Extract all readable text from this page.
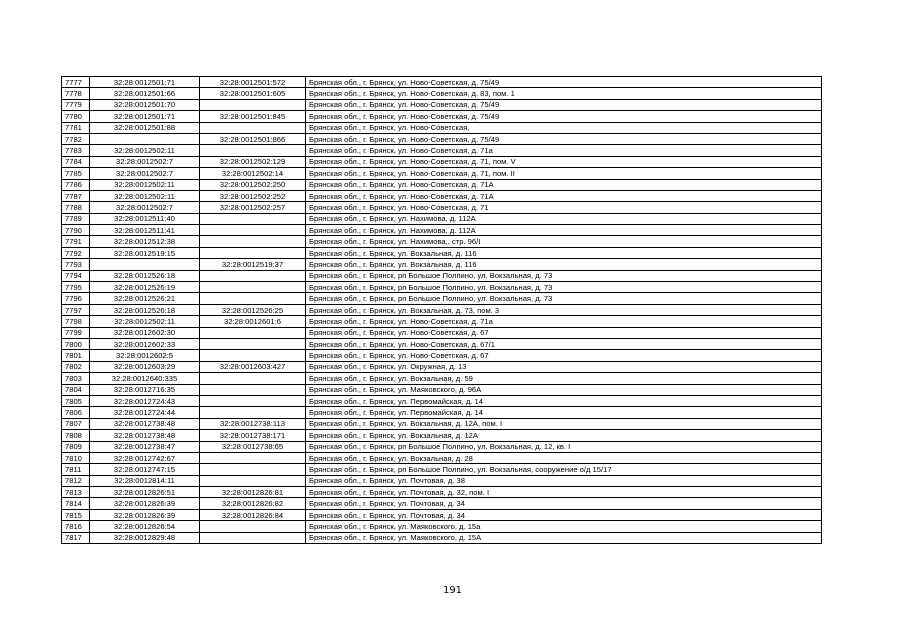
7777	32:28:0012501:71	32:28:0012501:572	Брянская обл., г. Брянск, ул. Ново-Советская, д. 75/49
7778	32:28:0012501:66	32:28:0012501:605	Брянская обл., г. Брянск, ул. Ново-Советская, д. 83, пом. 1
7779	32:28:0012501:70		Брянская обл., г. Брянск, ул. Ново-Советская, д. 75/49
7780	32:28:0012501:71	32:28:0012501:845	Брянская обл., г. Брянск, ул. Ново-Советская, д. 75/49
7781	32:28:0012501:88		Брянская обл., г. Брянск, ул. Ново-Советская,
7782		32:28:0012501:866	Брянская обл., г. Брянск, ул. Ново-Советская, д. 75/49
7783	32:28:0012502:11		Брянская обл., г. Брянск, ул. Ново-Советская, д. 71а
7784	32:28:0012502:7	32:28:0012502:129	Брянская обл., г. Брянск, ул. Ново-Советская, д. 71, пом. V
7785	32:28:0012502:7	32:28:0012502:14	Брянская обл., г. Брянск, ул. Ново-Советская, д. 71, пом. II
7786	32:28:0012502:11	32:28:0012502:250	Брянская обл., г. Брянск, ул. Ново-Советская, д. 71А
7787	32:28:0012502:11	32:28:0012502:252	Брянская обл., г. Брянск, ул. Ново-Советская, д. 71А
7788	32:28:0012502:7	32:28:0012502:257	Брянская обл., г. Брянск, ул. Ново-Советская, д. 71
7789	32:28:0012511:40		Брянская обл., г. Брянск, ул. Нахимова, д. 112А
7790	32:28:0012511:41		Брянская обл., г. Брянск, ул. Нахимова, д. 112А
7791	32:28:0012512:38		Брянская обл., г. Брянск, ул. Нахимова,, стр. 96/I
7792	32:28:0012519:15		Брянская обл., г. Брянск, ул. Вокзальная, д. 116
7793		32:28:0012519:37	Брянская обл., г. Брянск, ул. Вокзальная, д. 116
7794	32:28:0012526:18		Брянская обл., г. Брянск, рп Большое Полпино, ул. Вокзальная, д. 73
7795	32:28:0012526:19		Брянская обл., г. Брянск, рп Большое Полпино, ул. Вокзальная, д. 73
7796	32:28:0012526:21		Брянская обл., г. Брянск, рп Большое Полпино, ул. Вокзальная, д. 73
7797	32:28:0012526:18	32:28:0012526:25	Брянская обл., г. Брянск, ул. Вокзальная, д. 73, пом. 3
7798	32:28:0012502:11	32:28:0012601:6	Брянская обл., г. Брянск, ул. Ново-Советская, д. 71а
7799	32:28:0012602:30		Брянская обл., г. Брянск, ул. Ново-Советская, д. 67
7800	32:28:0012602:33		Брянская обл., г. Брянск, ул. Ново-Советская, д. 67/1
7801	32:28:0012602:5		Брянская обл., г. Брянск, ул. Ново-Советская, д. 67
7802	32:28:0012603:29	32:28:0012603:427	Брянская обл., г. Брянск, ул. Окружная, д. 13
7803	32:28:0012640:335		Брянская обл., г. Брянск, ул. Вокзальная, д. 59
7804	32:28:0012716:35		Брянская обл., г. Брянск, ул. Маяковского, д. 96А
7805	32:28:0012724:43		Брянская обл., г. Брянск, ул. Первомайская, д. 14
7806	32:28:0012724:44		Брянская обл., г. Брянск, ул. Первомайская, д. 14
7807	32:28:0012738:48	32:28:0012738:113	Брянская обл., г. Брянск, ул. Вокзальная, д. 12А, пом. I
7808	32:28:0012738:48	32:28:0012738:171	Брянская обл., г. Брянск, ул. Вокзальная, д. 12А
7809	32:28:0012738:47	32:28:0012738:65	Брянская обл., г. Брянск, рп Большое Полпино, ул. Вокзальная, д. 12, кв. I
7810	32:28:0012742:67		Брянская обл., г. Брянск, ул. Вокзальная, д. 28
7811	32:28:0012747:15		Брянская обл., г. Брянск, рп Большое Полпино, ул. Вокзальная, сооружение о/д 15/17
7812	32:28:0012814:11		Брянская обл., г. Брянск, ул. Почтовая, д. 38
7813	32:28:0012826:51	32:28:0012826:81	Брянская обл., г. Брянск, ул. Почтовая, д. 32, пом. I
7814	32:28:0012826:39	32:28:0012826:82	Брянская обл., г. Брянск, ул. Почтовая, д. 34
7815	32:28:0012826:39	32:28:0012826:84	Брянская обл., г. Брянск, ул. Почтовая, д. 34
7816	32:28:0012826:54		Брянская обл., г. Брянск, ул. Маяковского, д. 15а
7817	32:28:0012829:48		Брянская обл., г. Брянск, ул. Маяковского, д. 15А
191
